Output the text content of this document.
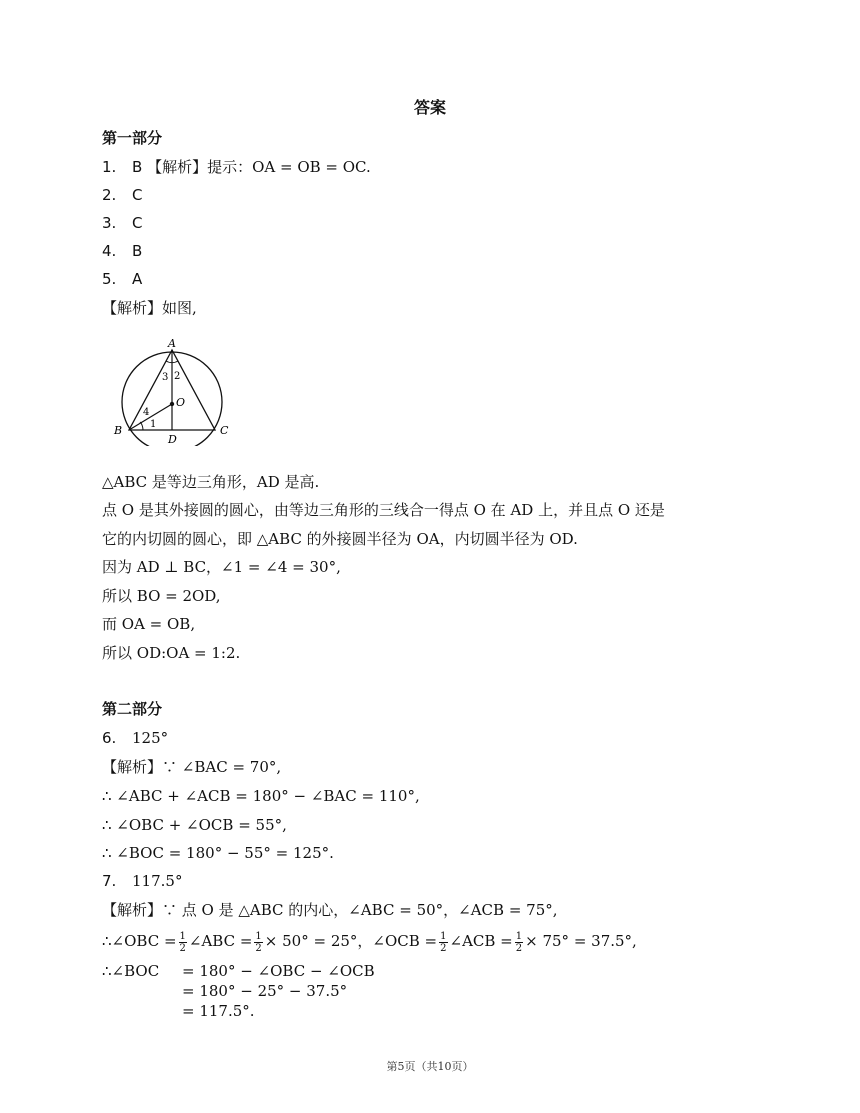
答案
第一部分
1. B 【解析】提示：OA = OB = OC.
2. C
3. C
4. B
5. A
【解析】如图,
A
B	C
D
O
1
2
3
4
△ABC 是等边三角形，AD 是高.
点 O 是其外接圆的圆心，由等边三角形的三线合一得点 O 在 AD 上，并且点 O 还是
它的内切圆的圆心，即 △ABC 的外接圆半径为 OA，内切圆半径为 OD.
因为 AD ⊥ BC，∠1 = ∠4 = 30°,
所以 BO = 2OD,
而 OA = OB,
所以 OD:OA = 1:2.
第二部分
6. 125°
【解析】∵ ∠BAC = 70°,
∴ ∠ABC + ∠ACB = 180° − ∠BAC = 110°,
∴ ∠OBC + ∠OCB = 55°,
∴ ∠BOC = 180° − 55° = 125°.
7. 117.5°
【解析】∵ 点 O 是 △ABC 的内心，∠ABC = 50°，∠ACB = 75°,
∴∠OBC = $\frac{1}{2}$ ∠ABC = $\frac{1}{2} \times 50^\circ = 25^\circ$，∠OCB = $\frac{1}{2}$ ∠ACB = $\frac{1}{2} \times 75^\circ = 37.5^\circ$,
∴∠BOC = 180° − ∠OBC − ∠OCB
= 180° − 25° − 37.5°
= 117.5°.
第5页（共10页）
